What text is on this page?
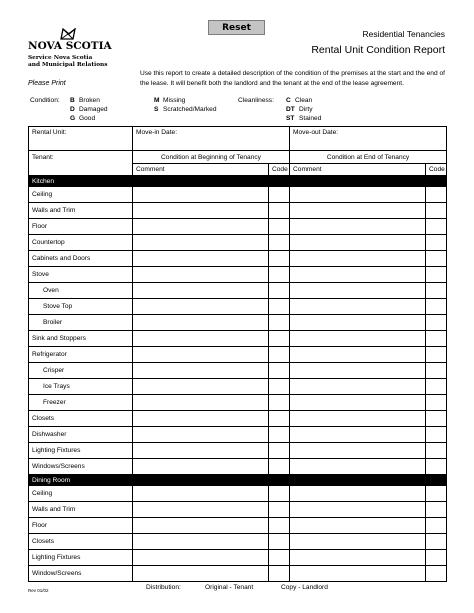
Reset
NOVA SCOTIA
Service Nova Scotia
and Municipal Relations
Residential Tenancies
Rental Unit Condition Report
Please Print
Use this report to create a detailed description of the condition of the premises at the start and the end of the lease. It will benefit both the landlord and the tenant at the end of the lease agreement.
Condition: B Broken
D Damaged
G Good
M Missing
S Scratched/Marked
Cleanliness: C Clean
DT Dirty
ST Stained
Rental Unit:	Move-in Date:		Move-out Date:	
Tenant:	Condition at Beginning of Tenancy		Condition at End of Tenancy	
	Comment	Code	Comment	Code
Kitchen				
Ceiling				
Walls and Trim				
Floor				
Countertop				
Cabinets and Doors				
Stove				
Oven				
Stove Top				
Broiler				
Sink and Stoppers				
Refrigerator				
Crisper				
Ice Trays				
Freezer				
Closets				
Dishwasher				
Lighting Fixtures				
Windows/Screens				
Dining Room				
Ceiling				
Walls and Trim				
Floor				
Closets				
Lighting Fixtures				
Window/Screens				
Rev 01/02	Distribution:	Original - Tenant	Copy - Landlord
